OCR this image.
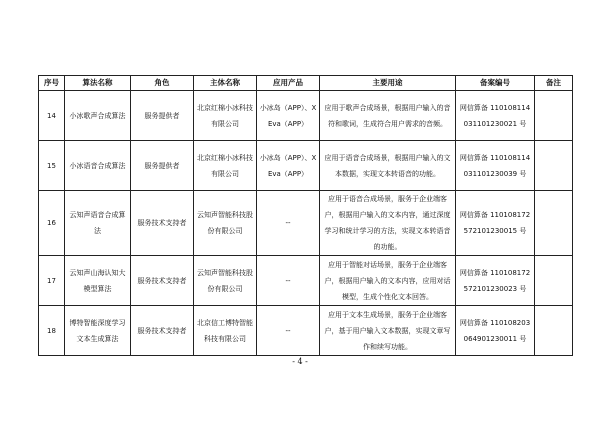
序号	算法名称	角色	主体名称	应用产品	主要用途	备案编号	备注
14	小冰歌声合成算法	服务提供者	北京红棉小冰科技有限公司	小冰岛（APP）、X Eva（APP）	应用于歌声合成场景，根据用户输入的音符和歌词，生成符合用户需求的音频。	网信算备 110108114031101230021 号	
15	小冰语音合成算法	服务提供者	北京红棉小冰科技有限公司	小冰岛（APP）、X Eva（APP）	应用于语音合成场景，根据用户输入的文本数据，实现文本转语音的功能。	网信算备 110108114031101230039 号	
16	云知声语音合成算法	服务技术支持者	云知声智能科技股份有限公司	--	应用于语音合成场景，服务于企业端客户，根据用户输入的文本内容，通过深度学习和统计学习的方法，实现文本转语音的功能。	网信算备 110108172572101230015 号	
17	云知声山海认知大模型算法	服务技术支持者	云知声智能科技股份有限公司	--	应用于智能对话场景，服务于企业端客户，根据用户输入的文本内容，应用对话模型，生成个性化文本回答。	网信算备 110108172572101230023 号	
18	博特智能深度学习文本生成算法	服务技术支持者	北京信工博特智能科技有限公司	--	应用于文本生成场景，服务于企业端客户，基于用户输入文本数据，实现文章写作和续写功能。	网信算备 110108203064901230011 号	
- 4 -
